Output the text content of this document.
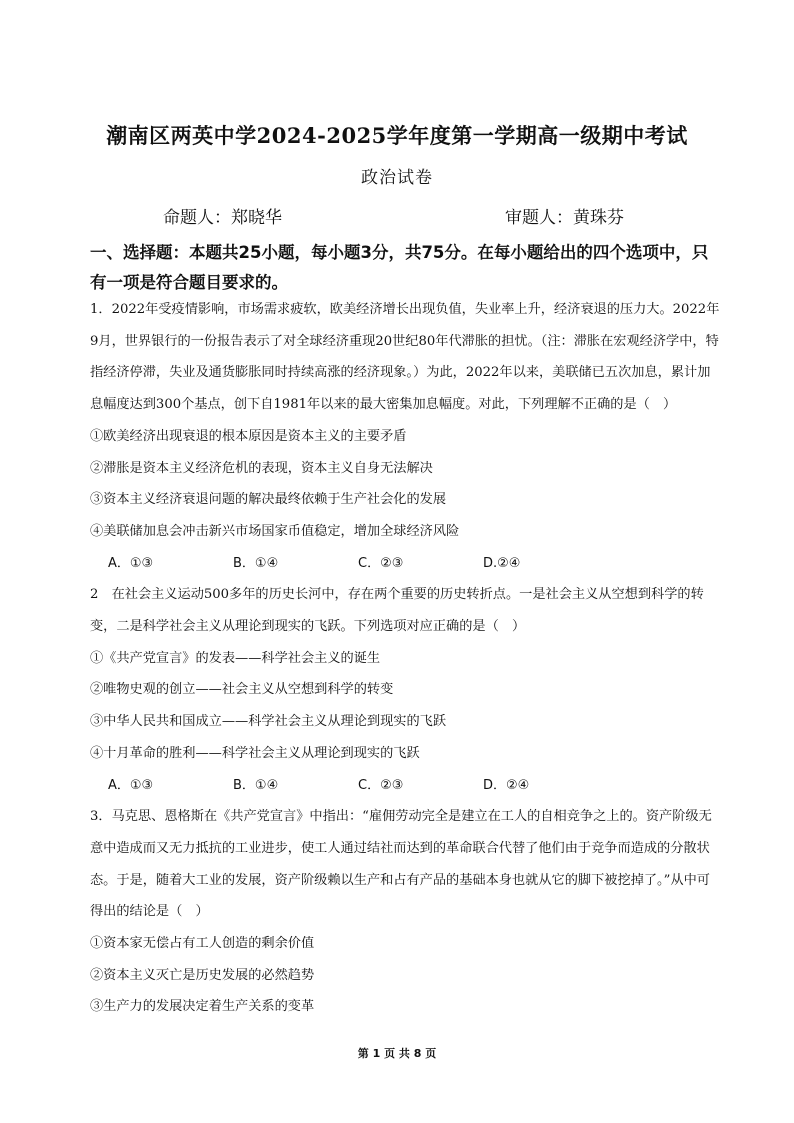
潮南区两英中学2024-2025学年度第一学期高一级期中考试
政治试卷
命题人：郑晓华	审题人：黄珠芬
一、选择题：本题共25小题，每小题3分，共75分。在每小题给出的四个选项中，只有一项是符合题目要求的。

1．2022年受疫情影响，市场需求疲软，欧美经济增长出现负值，失业率上升，经济衰退的压力大。2022年9月，世界银行的一份报告表示了对全球经济重现20世纪80年代滞胀的担忧。（注：滞胀在宏观经济学中，特指经济停滞，失业及通货膨胀同时持续高涨的经济现象。）为此，2022年以来，美联储已五次加息，累计加息幅度达到300个基点，创下自1981年以来的最大密集加息幅度。对此，下列理解不正确的是（　）

①欧美经济出现衰退的根本原因是资本主义的主要矛盾

②滞胀是资本主义经济危机的表现，资本主义自身无法解决

③资本主义经济衰退问题的解决最终依赖于生产社会化的发展

④美联储加息会冲击新兴市场国家币值稳定，增加全球经济风险

A．①③	B．①④	C．②③	D.②④

2　在社会主义运动500多年的历史长河中，存在两个重要的历史转折点。一是社会主义从空想到科学的转变，二是科学社会主义从理论到现实的飞跃。下列选项对应正确的是（　）

①《共产党宣言》的发表——科学社会主义的诞生

②唯物史观的创立——社会主义从空想到科学的转变

③中华人民共和国成立——科学社会主义从理论到现实的飞跃

④十月革命的胜利——科学社会主义从理论到现实的飞跃

A．①③	B．①④	C．②③	D．②④

3．马克思、恩格斯在《共产党宣言》中指出：“雇佣劳动完全是建立在工人的自相竞争之上的。资产阶级无意中造成而又无力抵抗的工业进步，使工人通过结社而达到的革命联合代替了他们由于竞争而造成的分散状态。于是，随着大工业的发展，资产阶级赖以生产和占有产品的基础本身也就从它的脚下被挖掉了。”从中可得出的结论是（　）

①资本家无偿占有工人创造的剩余价值

②资本主义灭亡是历史发展的必然趋势

③生产力的发展决定着生产关系的变革

第 1 页 共 8 页
